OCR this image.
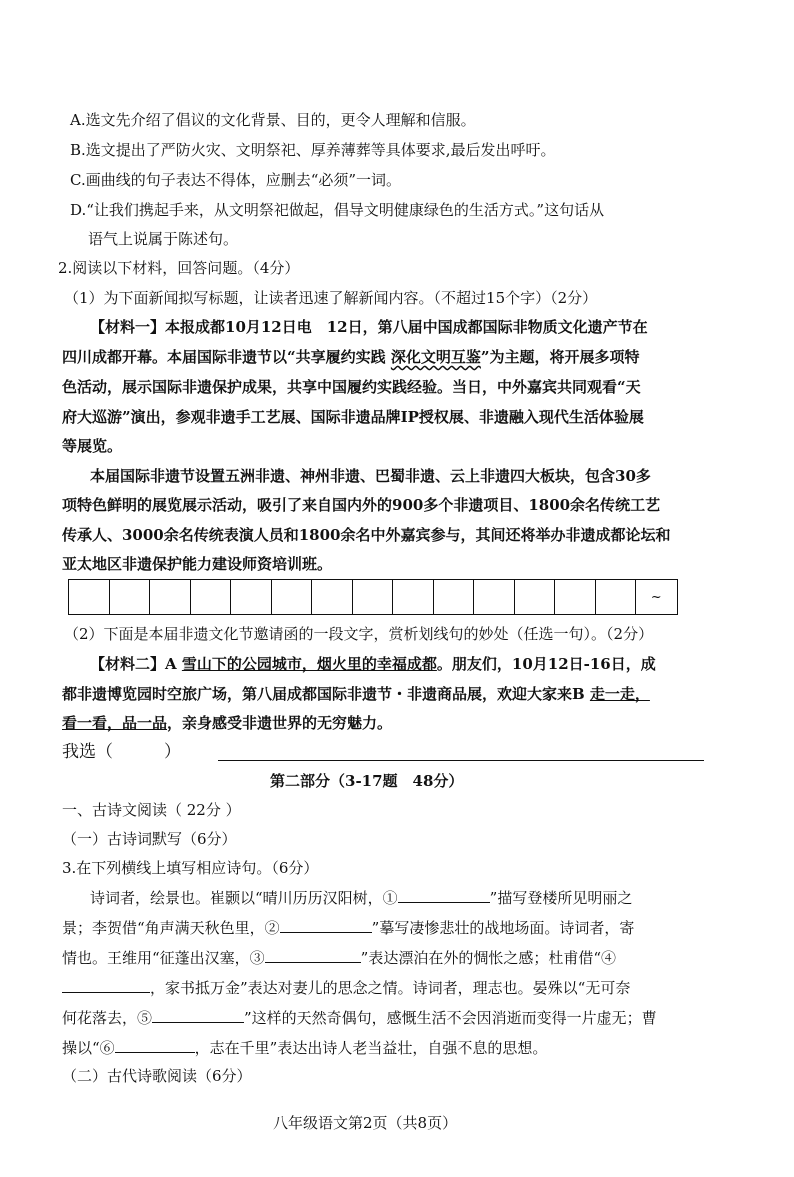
A.选文先介绍了倡议的文化背景、目的，更令人理解和信服。
B.选文提出了严防火灾、文明祭祀、厚养薄葬等具体要求,最后发出呼吁。
C.画曲线的句子表达不得体，应删去“必须”一词。
D.“让我们携起手来，从文明祭祀做起，倡导文明健康绿色的生活方式。”这句话从
语气上说属于陈述句。
2.阅读以下材料，回答问题。（4分）
（1）为下面新闻拟写标题，让读者迅速了解新闻内容。（不超过15个字）（2分）
【材料一】本报成都10月12日电　12日，第八届中国成都国际非物质文化遗产节在
四川成都开幕。本届国际非遗节以“共享履约实践 深化文明互鉴”为主题，将开展多项特
色活动，展示国际非遗保护成果，共享中国履约实践经验。当日，中外嘉宾共同观看“天
府大巡游”演出，参观非遗手工艺展、国际非遗品牌IP授权展、非遗融入现代生活体验展
等展览。
本届国际非遗节设置五洲非遗、神州非遗、巴蜀非遗、云上非遗四大板块，包含30多
项特色鲜明的展览展示活动，吸引了来自国内外的900多个非遗项目、1800余名传统工艺
传承人、3000余名传统表演人员和1800余名中外嘉宾参与，其间还将举办非遗成都论坛和
亚太地区非遗保护能力建设师资培训班。
~
（2）下面是本届非遗文化节邀请函的一段文字，赏析划线句的妙处（任选一句）。（2分）
【材料二】A 雪山下的公园城市，烟火里的幸福成都。朋友们，10月12日-16日，成
都非遗博览园时空旅广场，第八届成都国际非遗节・非遗商品展，欢迎大家来B 走一走，
看一看，品一品，亲身感受非遗世界的无穷魅力。
我选（　　　）
第二部分（3-17题　48分）
一、古诗文阅读（ 22分 ）
（一）古诗词默写（6分）
3.在下列横线上填写相应诗句。（6分）
诗词者，绘景也。崔颢以“晴川历历汉阳树，①	”描写登楼所见明丽之
景；李贺借“角声满天秋色里，②	”摹写凄惨悲壮的战地场面。诗词者，寄
情也。王维用“征蓬出汉塞，③	”表达漂泊在外的惆怅之感；杜甫借“④
，家书抵万金”表达对妻儿的思念之情。诗词者，理志也。晏殊以“无可奈
何花落去，⑤	”这样的天然奇偶句，感慨生活不会因消逝而变得一片虚无；曹
操以“⑥	，志在千里”表达出诗人老当益壮，自强不息的思想。
（二）古代诗歌阅读（6分）
八年级语文第2页（共8页）
